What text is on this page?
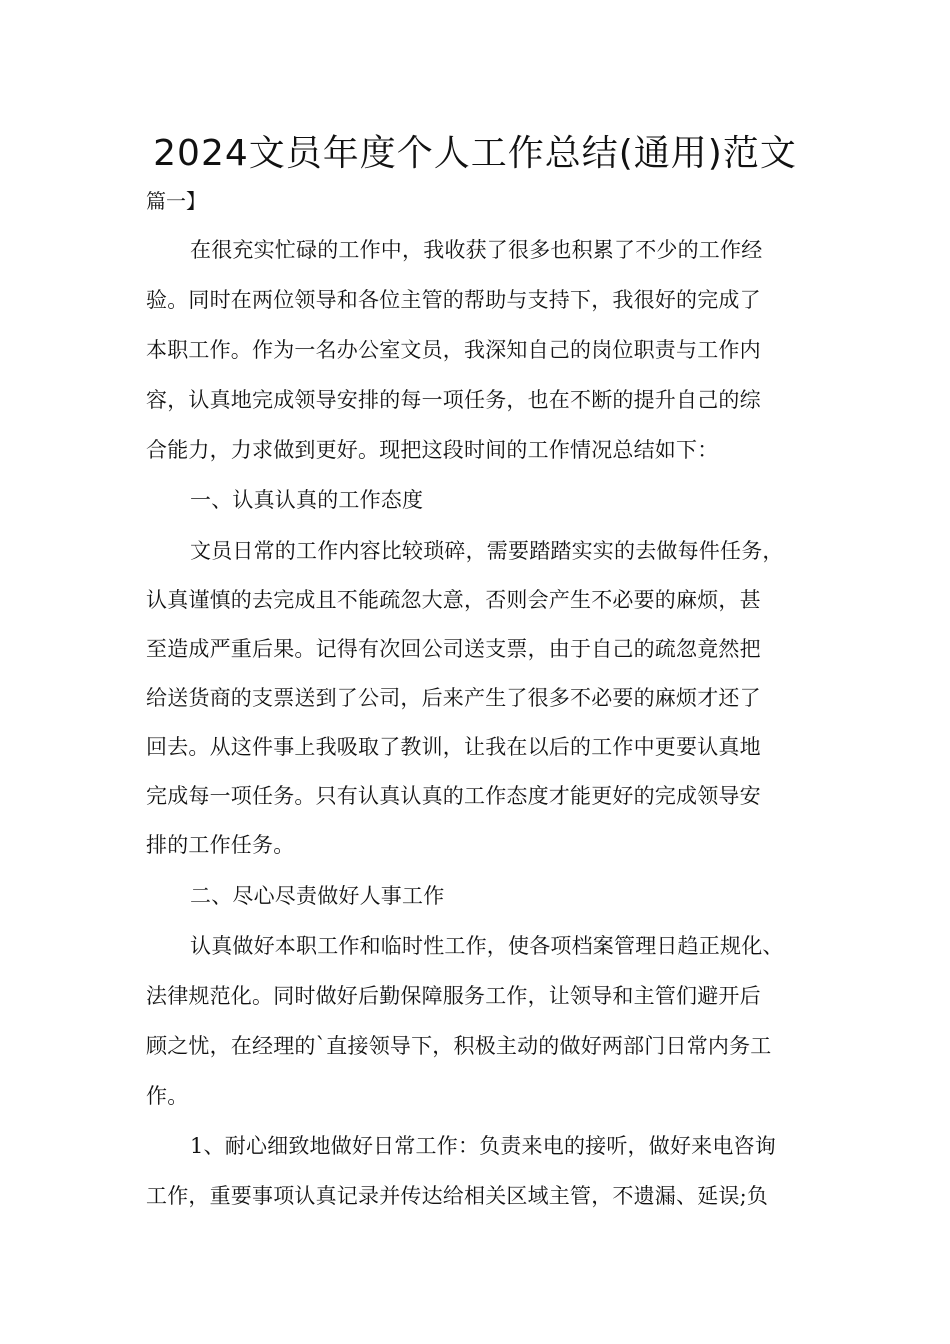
2024文员年度个人工作总结(通用)范文
篇一】
在很充实忙碌的工作中，我收获了很多也积累了不少的工作经
验。同时在两位领导和各位主管的帮助与支持下，我很好的完成了
本职工作。作为一名办公室文员，我深知自己的岗位职责与工作内
容，认真地完成领导安排的每一项任务，也在不断的提升自己的综
合能力，力求做到更好。现把这段时间的工作情况总结如下：
一、认真认真的工作态度
文员日常的工作内容比较琐碎，需要踏踏实实的去做每件任务，
认真谨慎的去完成且不能疏忽大意，否则会产生不必要的麻烦，甚
至造成严重后果。记得有次回公司送支票，由于自己的疏忽竟然把
给送货商的支票送到了公司，后来产生了很多不必要的麻烦才还了
回去。从这件事上我吸取了教训，让我在以后的工作中更要认真地
完成每一项任务。只有认真认真的工作态度才能更好的完成领导安
排的工作任务。
二、尽心尽责做好人事工作
认真做好本职工作和临时性工作，使各项档案管理日趋正规化、
法律规范化。同时做好后勤保障服务工作，让领导和主管们避开后
顾之忧，在经理的`直接领导下，积极主动的做好两部门日常内务工
作。
1、耐心细致地做好日常工作：负责来电的接听，做好来电咨询
工作，重要事项认真记录并传达给相关区域主管，不遗漏、延误;负
